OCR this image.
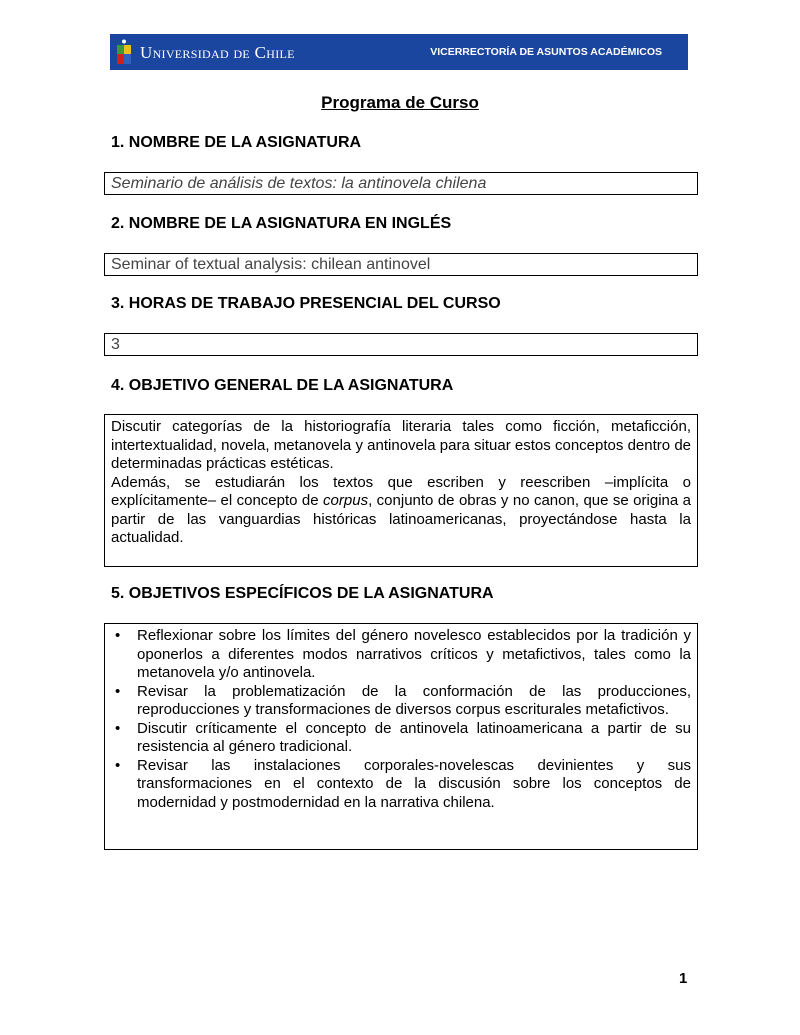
Universidad de Chile	VICERRECTORÍA DE ASUNTOS ACADÉMICOS
Programa de Curso
1. NOMBRE DE LA ASIGNATURA
Seminario de análisis de textos: la antinovela chilena
2. NOMBRE DE LA ASIGNATURA EN INGLÉS
Seminar of textual analysis: chilean antinovel
3. HORAS DE TRABAJO PRESENCIAL DEL CURSO
3
4. OBJETIVO GENERAL DE LA ASIGNATURA
Discutir categorías de la historiografía literaria tales como ficción, metaficción, intertextualidad, novela, metanovela y antinovela para situar estos conceptos dentro de determinadas prácticas estéticas.
Además, se estudiarán los textos que escriben y reescriben –implícita o explícitamente– el concepto de corpus, conjunto de obras y no canon, que se origina a partir de las vanguardias históricas latinoamericanas, proyectándose hasta la actualidad.
5. OBJETIVOS ESPECÍFICOS DE LA ASIGNATURA
• Reflexionar sobre los límites del género novelesco establecidos por la tradición y oponerlos a diferentes modos narrativos críticos y metafictivos, tales como la metanovela y/o antinovela.
• Revisar la problematización de la conformación de las producciones, reproducciones y transformaciones de diversos corpus escriturales metafictivos.
• Discutir críticamente el concepto de antinovela latinoamericana a partir de su resistencia al género tradicional.
• Revisar las instalaciones corporales-novelescas devinientes y sus transformaciones en el contexto de la discusión sobre los conceptos de modernidad y postmodernidad en la narrativa chilena.
1
